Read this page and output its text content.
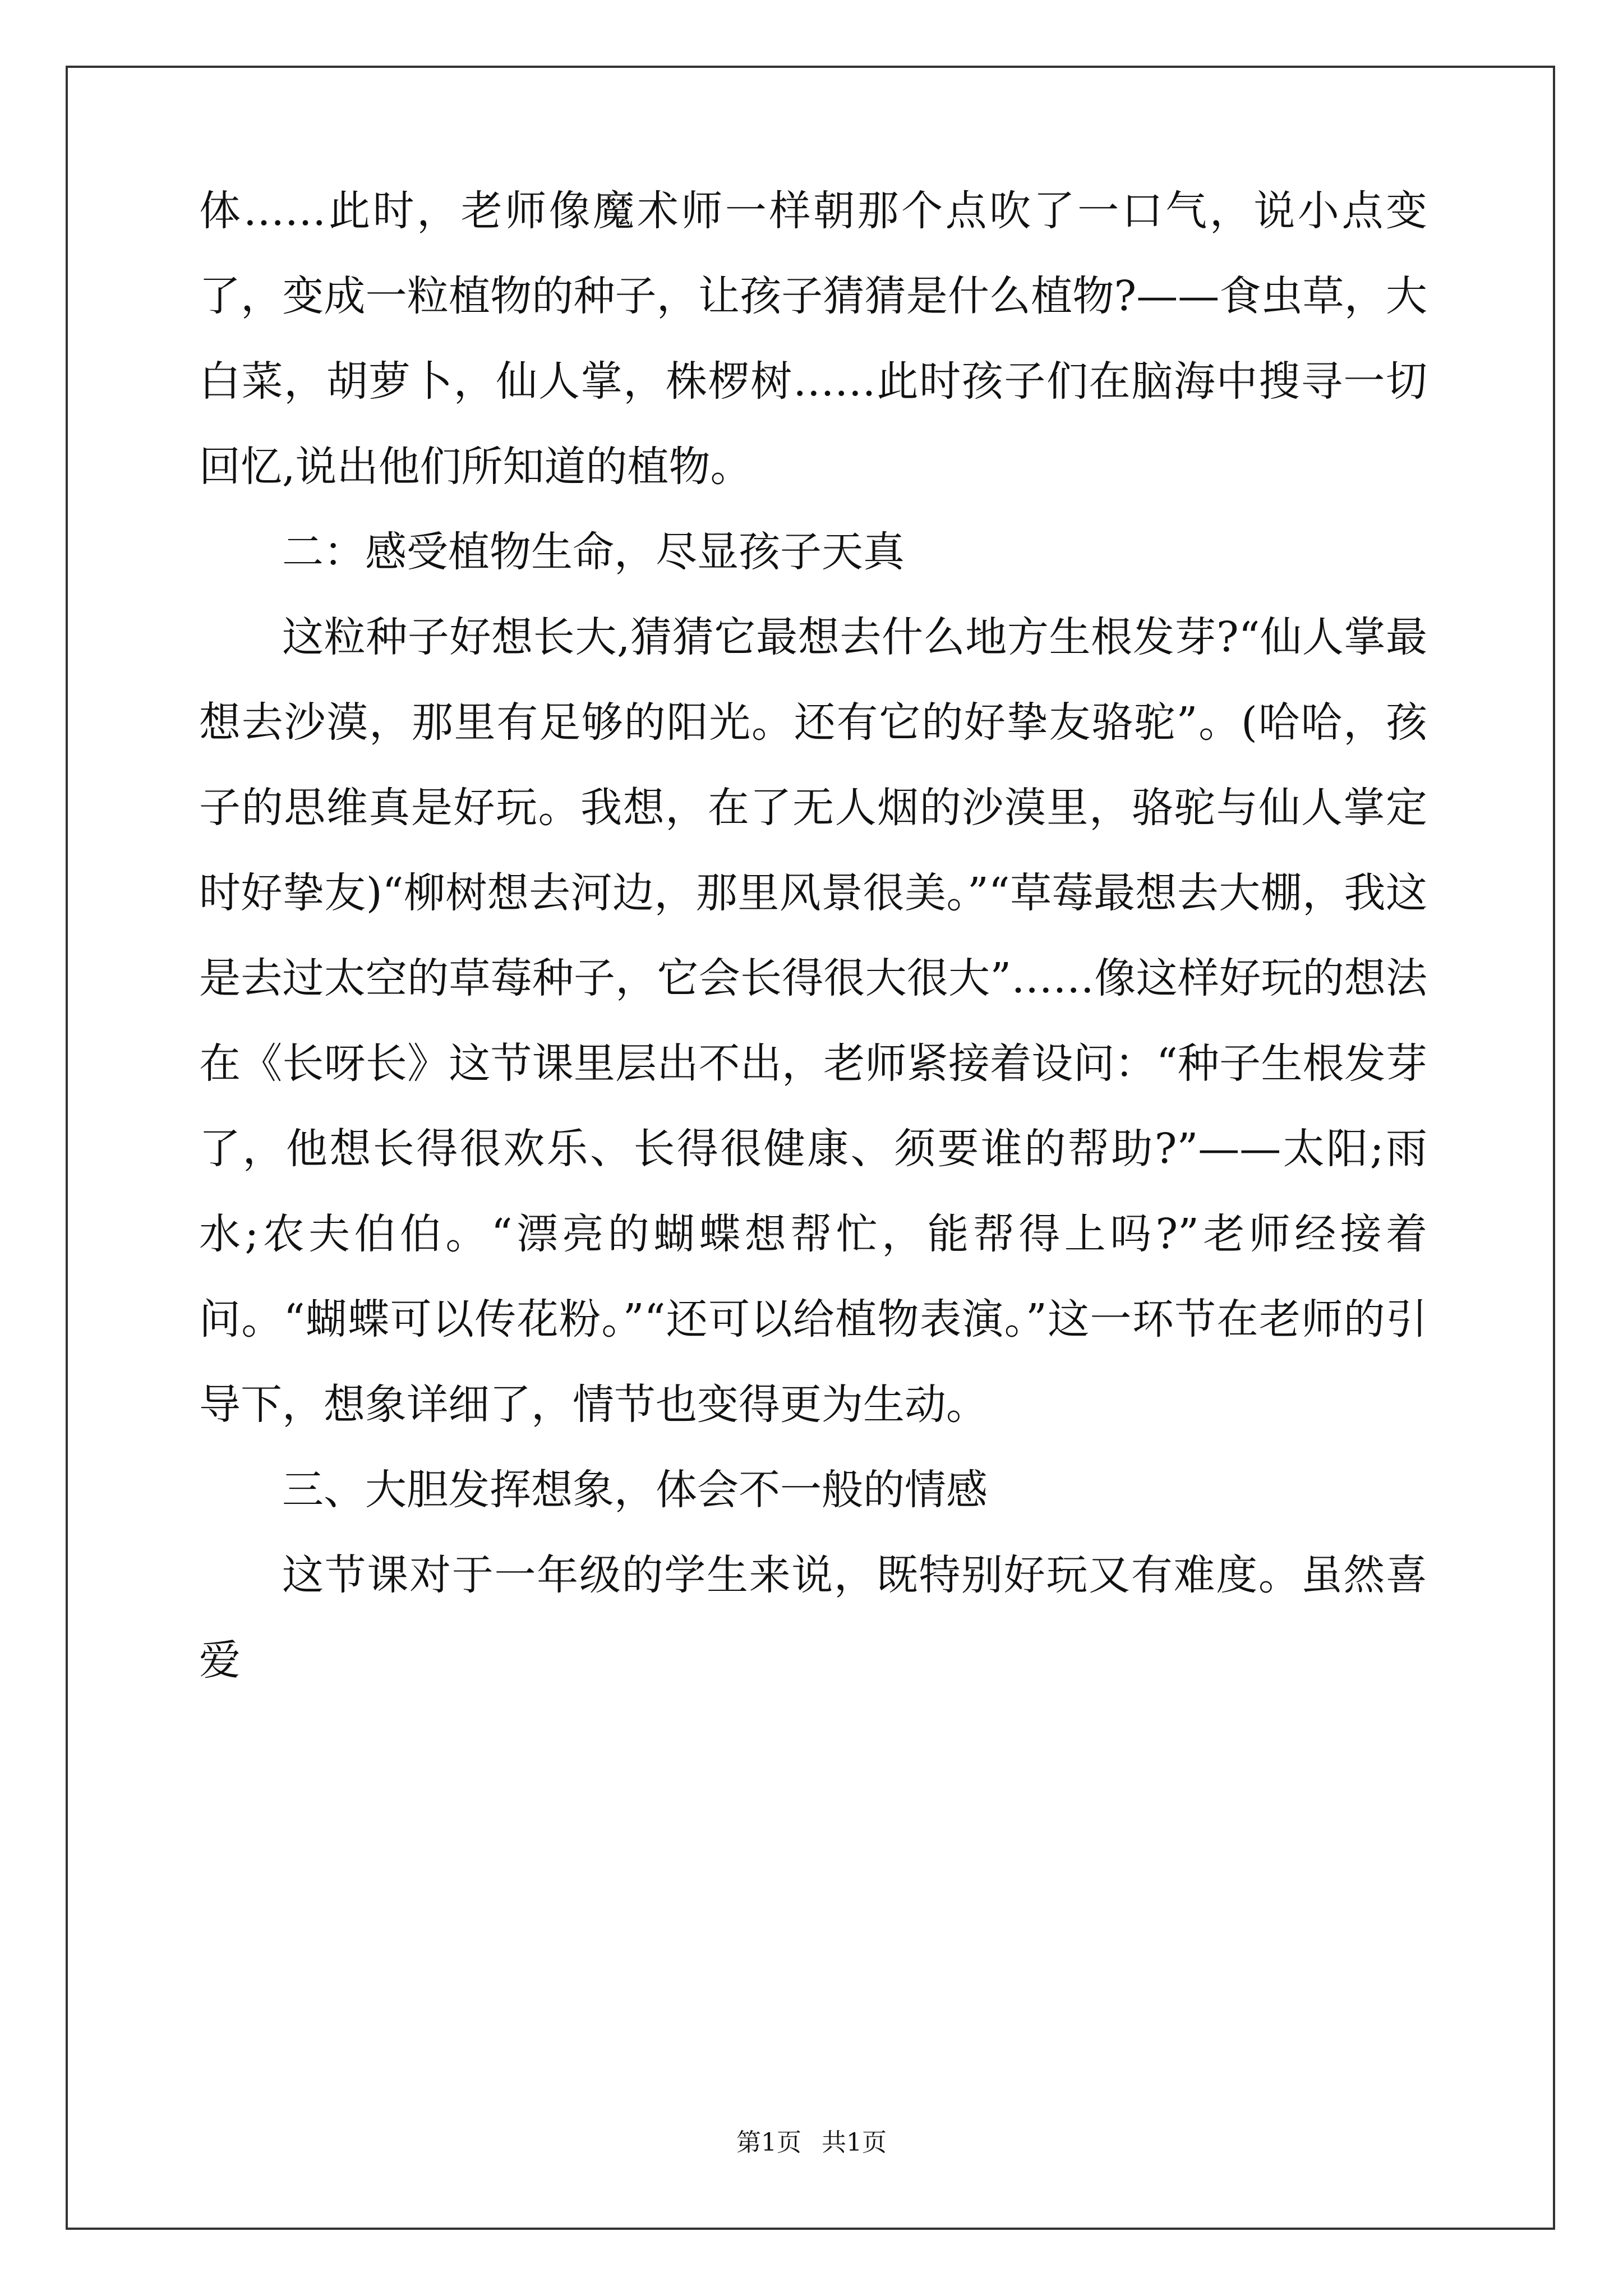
体……此时，老师像魔术师一样朝那个点吹了一口气，说小点变了，变成一粒植物的种子，让孩子猜猜是什么植物?——食虫草，大白菜，胡萝卜，仙人掌，株椤树……此时孩子们在脑海中搜寻一切回忆,说出他们所知道的植物。

二：感受植物生命，尽显孩子天真

这粒种子好想长大,猜猜它最想去什么地方生根发芽?“仙人掌最想去沙漠，那里有足够的阳光。还有它的好挚友骆驼”。(哈哈，孩子的思维真是好玩。我想，在了无人烟的沙漠里，骆驼与仙人掌定时好挚友)“柳树想去河边，那里风景很美。”“草莓最想去大棚，我这是去过太空的草莓种子，它会长得很大很大”……像这样好玩的想法在《长呀长》这节课里层出不出，老师紧接着设问：“种子生根发芽了，他想长得很欢乐、长得很健康、须要谁的帮助?”——太阳;雨水;农夫伯伯。“漂亮的蝴蝶想帮忙，能帮得上吗?”老师经接着问。“蝴蝶可以传花粉。”“还可以给植物表演。”这一环节在老师的引导下，想象详细了，情节也变得更为生动。

三、大胆发挥想象，体会不一般的情感

这节课对于一年级的学生来说，既特别好玩又有难度。虽然喜爱

第1页 共1页
